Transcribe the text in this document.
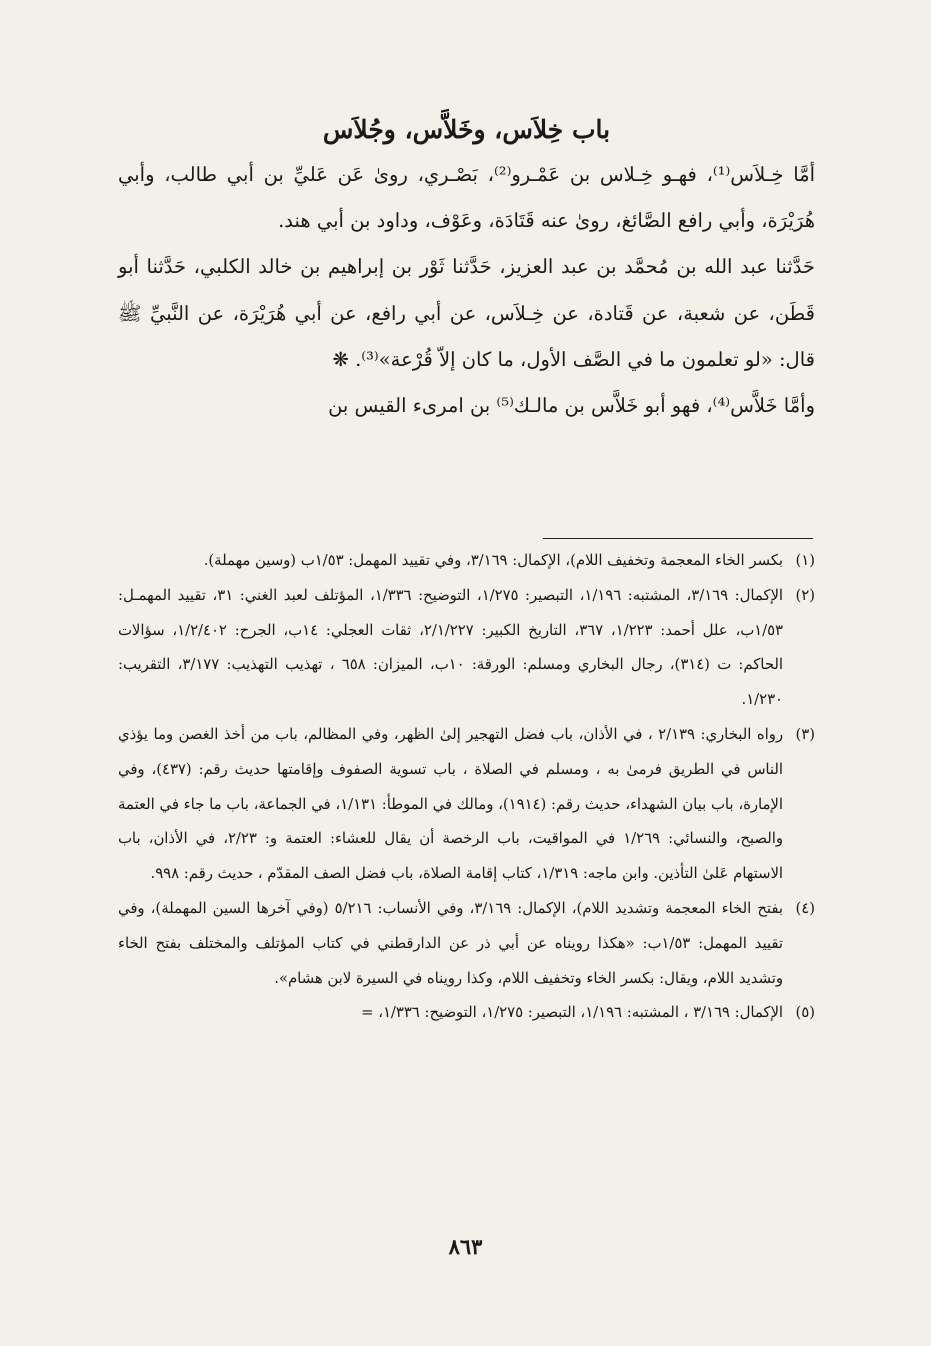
باب خِلاَس، وخَلاَّس، وجُلاَس

أمَّا خِـلاَس⁽¹⁾، فهـو خِـلاس بن عَمْـرو⁽²⁾، بَصْـري، روىٰ عَن عَليِّ بن أبي طالب، وأبي هُرَيْرَة، وأبي رافع الصَّائغ، روىٰ عنه قَتَادَة، وعَوْف، وداود بن أبي هند.

حَدَّثنا عبد الله بن مُحمَّد بن عبد العزيز، حَدَّثنا ثَوْر بن إبراهيم بن خالد الكلبي، حَدَّثنا أبو قَطَن، عن شعبة، عن قَتادة، عن خِـلاَس، عن أبي رافع، عن أبي هُرَيْرَة، عن النَّبيِّ ﷺ قال: «لو تعلمون ما في الصَّف الأول، ما كان إلاّ قُرْعة»⁽³⁾. ❋

وأمَّا خَلاَّس⁽⁴⁾، فهو أبو خَلاَّس بن مالـك⁽⁵⁾ بن امرىء القيس بن

(١)
بكسر الخاء المعجمة وتخفيف اللام)، الإكمال: ٣/١٦٩، وفي تقييد المهمل: ١/٥٣ب (وسين مهملة).
(٢)
الإكمال: ٣/١٦٩، المشتبه: ١/١٩٦، التبصير: ١/٢٧٥، التوضيح: ١/٣٣٦، المؤتلف لعبد الغني: ٣١، تقييد المهمـل: ١/٥٣ب، علل أحمد: ١/٢٢٣، ٣٦٧، التاريخ الكبير: ٢/١/٢٢٧، ثقات العجلي: ١٤ب، الجرح: ١/٢/٤٠٢، سؤالات الحاكم: ت (٣١٤)، رجال البخاري ومسلم: الورقة: ١٠ب، الميزان: ٦٥٨ ، تهذيب التهذيب: ٣/١٧٧، التقريب: ١/٢٣٠.
(٣)
رواه البخاري: ٢/١٣٩ ، في الأذان، باب فضل التهجير إلىٰ الظهر، وفي المظالم، باب من أخذ الغصن وما يؤذي الناس في الطريق فرمىٰ به ، ومسلم في الصلاة ، باب تسوية الصفوف وإقامتها حديث رقم: (٤٣٧)، وفي الإمارة، باب بيان الشهداء، حديث رقم: (١٩١٤)، ومالك في الموطأ: ١/١٣١، في الجماعة، باب ما جاء في العتمة والصبح، والنسائي: ١/٢٦٩ في المواقيت، باب الرخصة أن يقال للعشاء: العتمة و: ٢/٢٣، في الأذان، باب الاستهام عَلىٰ التأذين. وابن ماجه: ١/٣١٩، كتاب إقامة الصلاة، باب فضل الصف المقدّم ، حديث رقم: ٩٩٨.
(٤)
بفتح الخاء المعجمة وتشديد اللام)، الإكمال: ٣/١٦٩، وفي الأنساب: ٥/٢١٦ (وفي آخرها السين المهملة)، وفي تقييد المهمل: ١/٥٣ب: «هكذا رويناه عن أبي ذر عن الدارقطني في كتاب المؤتلف والمختلف بفتح الخاء وتشديد اللام، ويقال: بكسر الخاء وتخفيف اللام، وكذا رويناه في السيرة لابن هشام».
(٥)
الإكمال: ٣/١٦٩ ، المشتبه: ١/١٩٦، التبصير: ١/٢٧٥، التوضيح: ١/٣٣٦، =
٨٦٣
